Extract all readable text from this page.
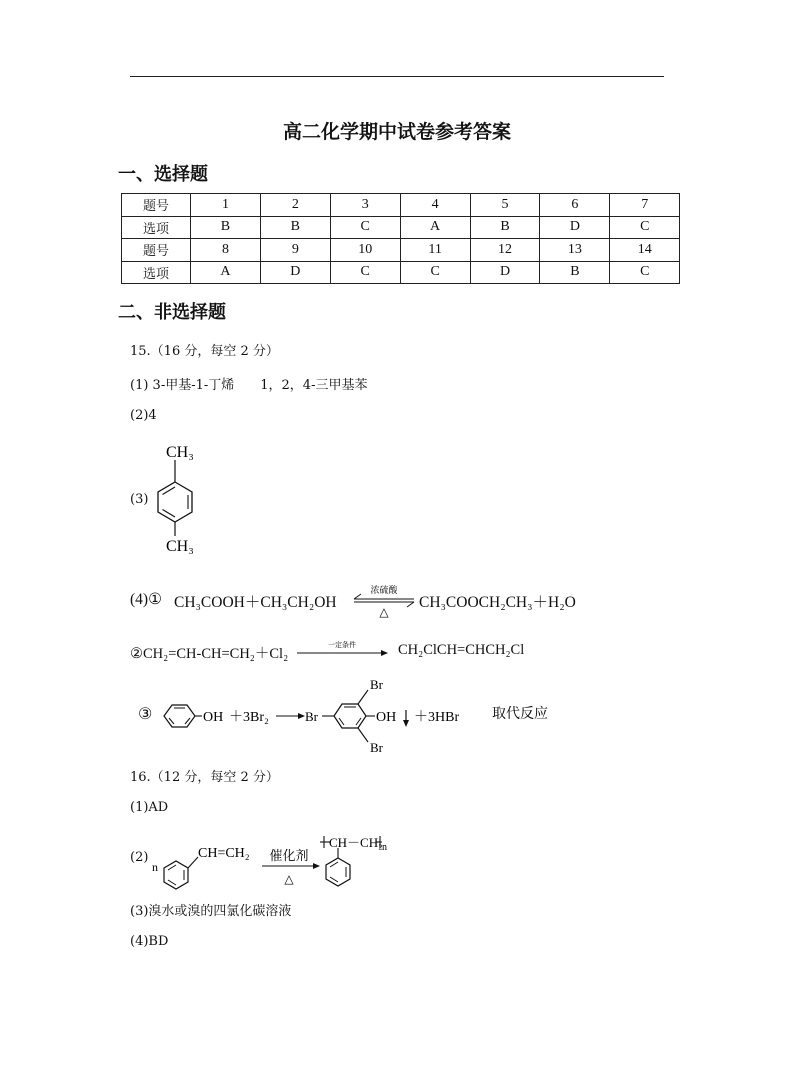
高二化学期中试卷参考答案
一、选择题
题号	1	2	3	4	5	6	7
选项	B	B	C	A	B	D	C
题号	8	9	10	11	12	13	14
选项	A	D	C	C	D	B	C
二、非选择题
15.（16 分，每空 2 分）
(1) 3-甲基-1-丁烯　　1，2，4-三甲基苯
(2)4
(3)
CH₃
CH₃
(4)① CH₃COOH＋CH₃CH₂OH
浓硫酸
△
CH₃COOCH₂CH₃＋H₂O
②CH₂=CH-CH=CH₂＋Cl₂
一定条件	CH₂ClCH=CHCH₂Cl
③	OH ＋3Br₂	Br
Br
Br
OH ＋3HBr 取代反应
16.（12 分，每空 2 分）
(1)AD
(2)
n
CH=CH₂ 催化剂
△
CH－CH₂ n
(3)溴水或溴的四氯化碳溶液
(4)BD
